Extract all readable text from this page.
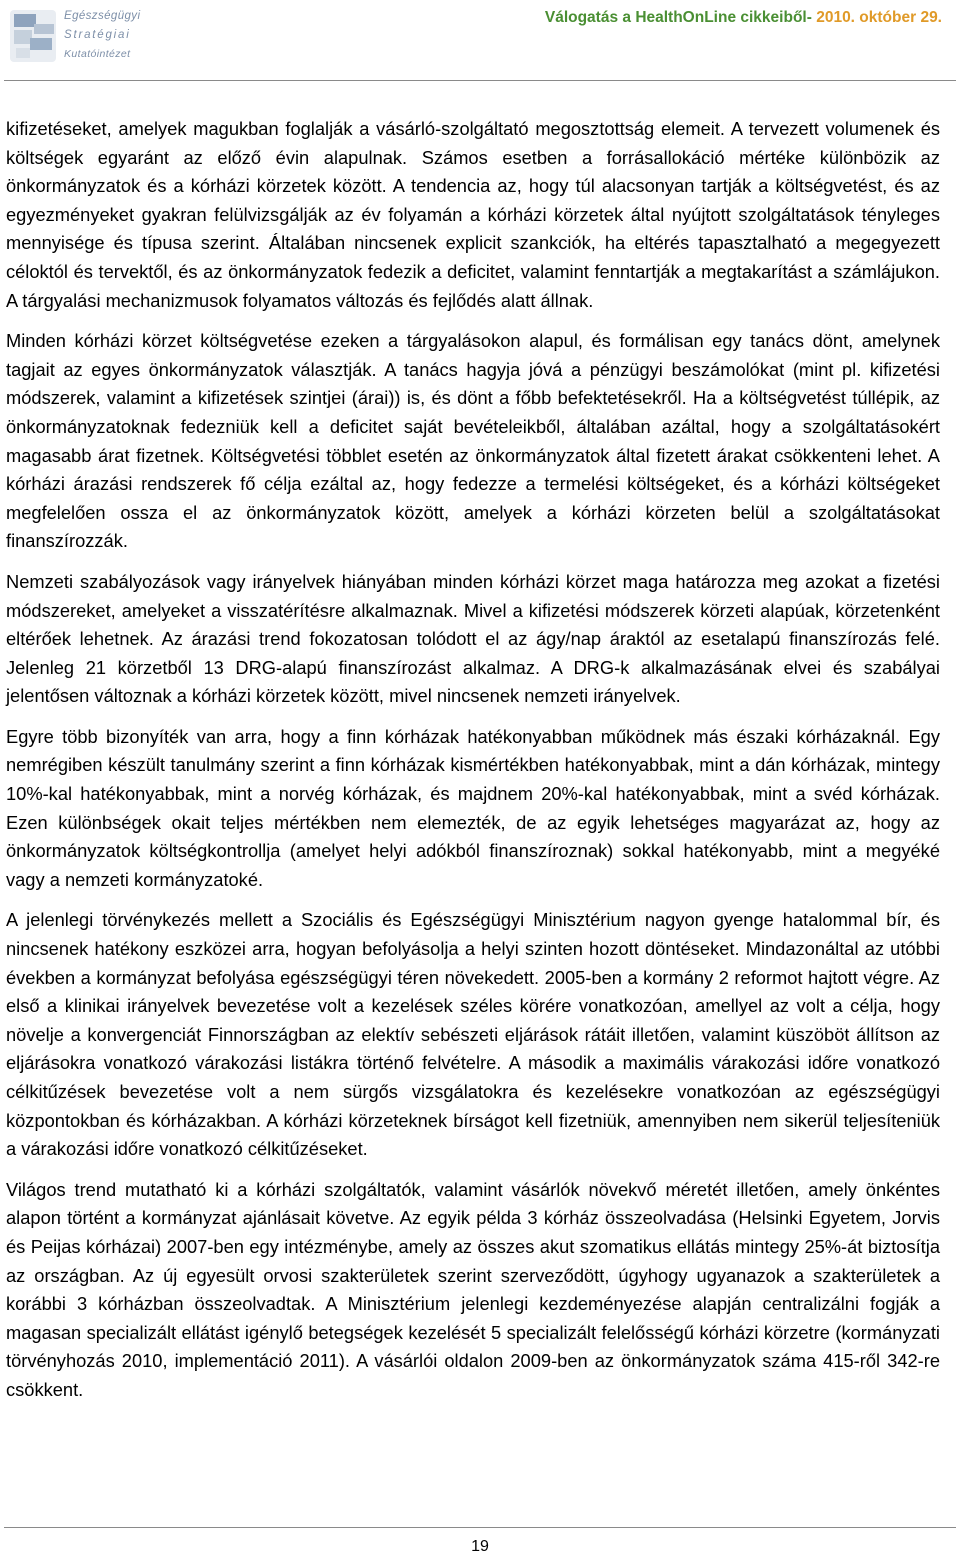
Egészségügyi
Stratégiai
Kutatóintézet
Válogatás a HealthOnLine cikkeiből- 2010. október 29.

kifizetéseket, amelyek magukban foglalják a vásárló-szolgáltató megosztottság elemeit. A tervezett volumenek és költségek egyaránt az előző évin alapulnak. Számos esetben a forrásallokáció mértéke különbözik az önkormányzatok és a kórházi körzetek között. A tendencia az, hogy túl alacsonyan tartják a költségvetést, és az egyezményeket gyakran felülvizsgálják az év folyamán a kórházi körzetek által nyújtott szolgáltatások tényleges mennyisége és típusa szerint. Általában nincsenek explicit szankciók, ha eltérés tapasztalható a megegyezett céloktól és tervektől, és az önkormányzatok fedezik a deficitet, valamint fenntartják a megtakarítást a számlájukon. A tárgyalási mechanizmusok folyamatos változás és fejlődés alatt állnak.

Minden kórházi körzet költségvetése ezeken a tárgyalásokon alapul, és formálisan egy tanács dönt, amelynek tagjait az egyes önkormányzatok választják. A tanács hagyja jóvá a pénzügyi beszámolókat (mint pl. kifizetési módszerek, valamint a kifizetések szintjei (árai)) is, és dönt a főbb befektetésekről. Ha a költségvetést túllépik, az önkormányzatoknak fedezniük kell a deficitet saját bevételeikből, általában azáltal, hogy a szolgáltatásokért magasabb árat fizetnek. Költségvetési többlet esetén az önkormányzatok által fizetett árakat csökkenteni lehet. A kórházi árazási rendszerek fő célja ezáltal az, hogy fedezze a termelési költségeket, és a kórházi költségeket megfelelően ossza el az önkormányzatok között, amelyek a kórházi körzeten belül a szolgáltatásokat finanszírozzák.

Nemzeti szabályozások vagy irányelvek hiányában minden kórházi körzet maga határozza meg azokat a fizetési módszereket, amelyeket a visszatérítésre alkalmaznak. Mivel a kifizetési módszerek körzeti alapúak, körzetenként eltérőek lehetnek. Az árazási trend fokozatosan tolódott el az ágy/nap áraktól az esetalapú finanszírozás felé. Jelenleg 21 körzetből 13 DRG-alapú finanszírozást alkalmaz. A DRG-k alkalmazásának elvei és szabályai jelentősen változnak a kórházi körzetek között, mivel nincsenek nemzeti irányelvek.

Egyre több bizonyíték van arra, hogy a finn kórházak hatékonyabban működnek más északi kórházaknál. Egy nemrégiben készült tanulmány szerint a finn kórházak kismértékben hatékonyabbak, mint a dán kórházak, mintegy 10%-kal hatékonyabbak, mint a norvég kórházak, és majdnem 20%-kal hatékonyabbak, mint a svéd kórházak. Ezen különbségek okait teljes mértékben nem elemezték, de az egyik lehetséges magyarázat az, hogy az önkormányzatok költségkontrollja (amelyet helyi adókból finanszíroznak) sokkal hatékonyabb, mint a megyéké vagy a nemzeti kormányzatoké.

A jelenlegi törvénykezés mellett a Szociális és Egészségügyi Minisztérium nagyon gyenge hatalommal bír, és nincsenek hatékony eszközei arra, hogyan befolyásolja a helyi szinten hozott döntéseket. Mindazonáltal az utóbbi években a kormányzat befolyása egészségügyi téren növekedett. 2005-ben a kormány 2 reformot hajtott végre. Az első a klinikai irányelvek bevezetése volt a kezelések széles körére vonatkozóan, amellyel az volt a célja, hogy növelje a konvergenciát Finnországban az elektív sebészeti eljárások rátáit illetően, valamint küszöböt állítson az eljárásokra vonatkozó várakozási listákra történő felvételre. A második a maximális várakozási időre vonatkozó célkitűzések bevezetése volt a nem sürgős vizsgálatokra és kezelésekre vonatkozóan az egészségügyi központokban és kórházakban. A kórházi körzeteknek bírságot kell fizetniük, amennyiben nem sikerül teljesíteniük a várakozási időre vonatkozó célkitűzéseket.

Világos trend mutatható ki a kórházi szolgáltatók, valamint vásárlók növekvő méretét illetően, amely önkéntes alapon történt a kormányzat ajánlásait követve. Az egyik példa 3 kórház összeolvadása (Helsinki Egyetem, Jorvis és Peijas kórházai) 2007-ben egy intézménybe, amely az összes akut szomatikus ellátás mintegy 25%-át biztosítja az országban. Az új egyesült orvosi szakterületek szerint szerveződött, úgyhogy ugyanazok a szakterületek a korábbi 3 kórházban összeolvadtak. A Minisztérium jelenlegi kezdeményezése alapján centralizálni fogják a magasan specializált ellátást igénylő betegségek kezelését 5 specializált felelősségű kórházi körzetre (kormányzati törvényhozás 2010, implementáció 2011). A vásárlói oldalon 2009-ben az önkormányzatok száma 415-ről 342-re csökkent.

19
